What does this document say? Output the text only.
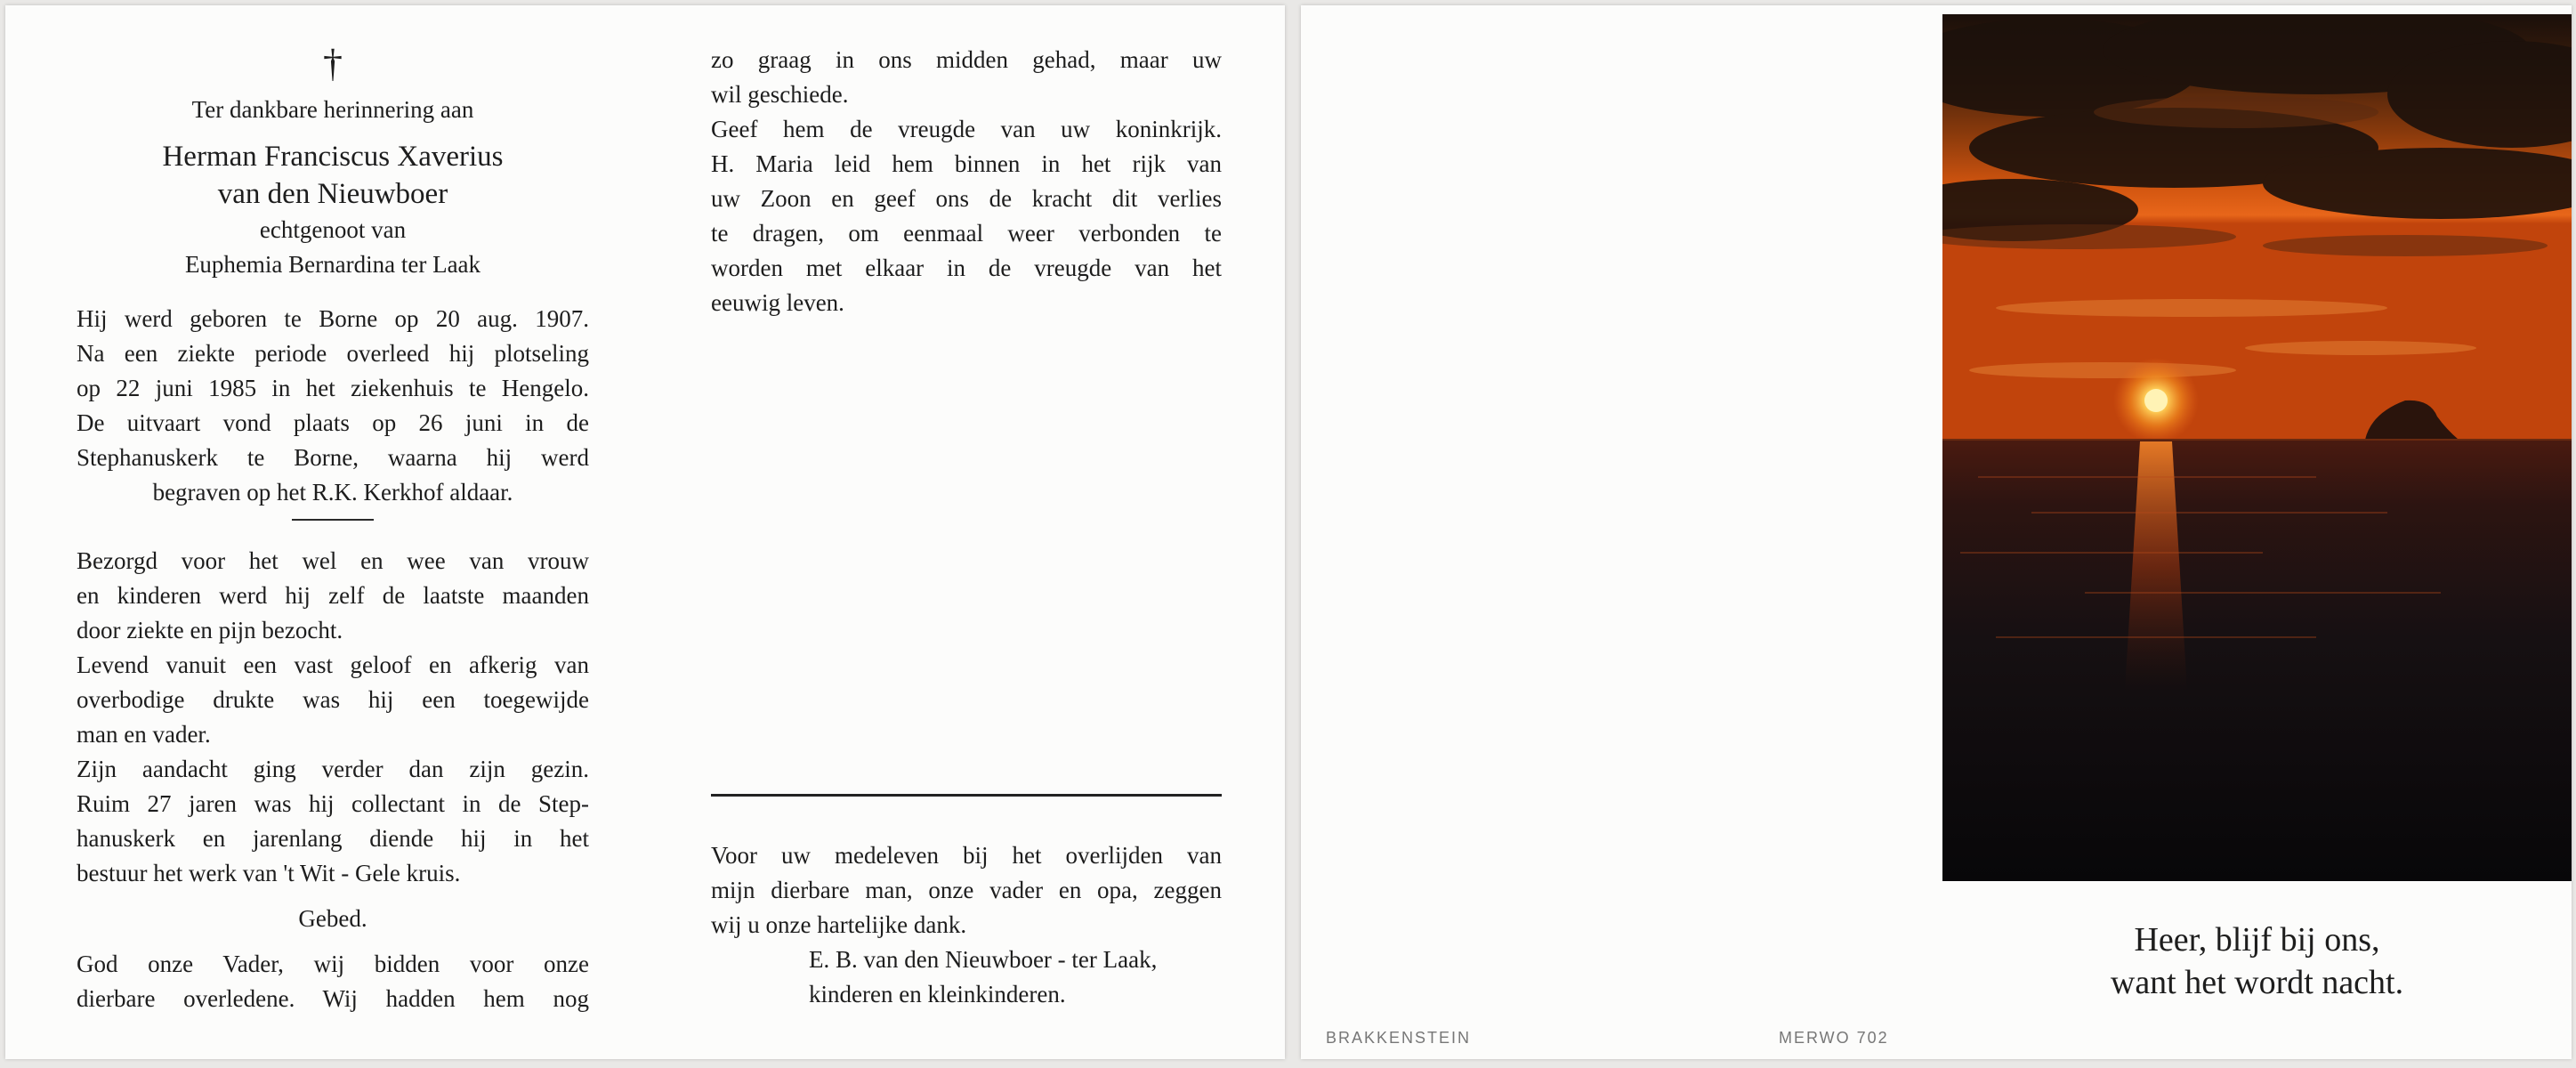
†
Ter dankbare herinnering aan
Herman Franciscus Xaverius
van den Nieuwboer
echtgenoot van
Euphemia Bernardina ter Laak
Hij werd geboren te Borne op 20 aug. 1907.
Na een ziekte periode overleed hij plotseling
op 22 juni 1985 in het ziekenhuis te Hengelo.
De uitvaart vond plaats op 26 juni in de
Stephanuskerk te Borne, waarna hij werd
begraven op het R.K. Kerkhof aldaar.
Bezorgd voor het wel en wee van vrouw
en kinderen werd hij zelf de laatste maanden
door ziekte en pijn bezocht.
Levend vanuit een vast geloof en afkerig van
overbodige drukte was hij een toegewijde
man en vader.
Zijn aandacht ging verder dan zijn gezin.
Ruim 27 jaren was hij collectant in de Step-
hanuskerk en jarenlang diende hij in het
bestuur het werk van 't Wit - Gele kruis.
Gebed.
God onze Vader, wij bidden voor onze
dierbare overledene. Wij hadden hem nog
zo graag in ons midden gehad, maar uw
wil geschiede.
Geef hem de vreugde van uw koninkrijk.
H. Maria leid hem binnen in het rijk van
uw Zoon en geef ons de kracht dit verlies
te dragen, om eenmaal weer verbonden te
worden met elkaar in de vreugde van het
eeuwig leven.
Voor uw medeleven bij het overlijden van
mijn dierbare man, onze vader en opa, zeggen
wij u onze hartelijke dank.
E. B. van den Nieuwboer - ter Laak,
kinderen en kleinkinderen.
BRAKKENSTEIN	MERWO 702
Heer, blijf bij ons,
want het wordt nacht.
